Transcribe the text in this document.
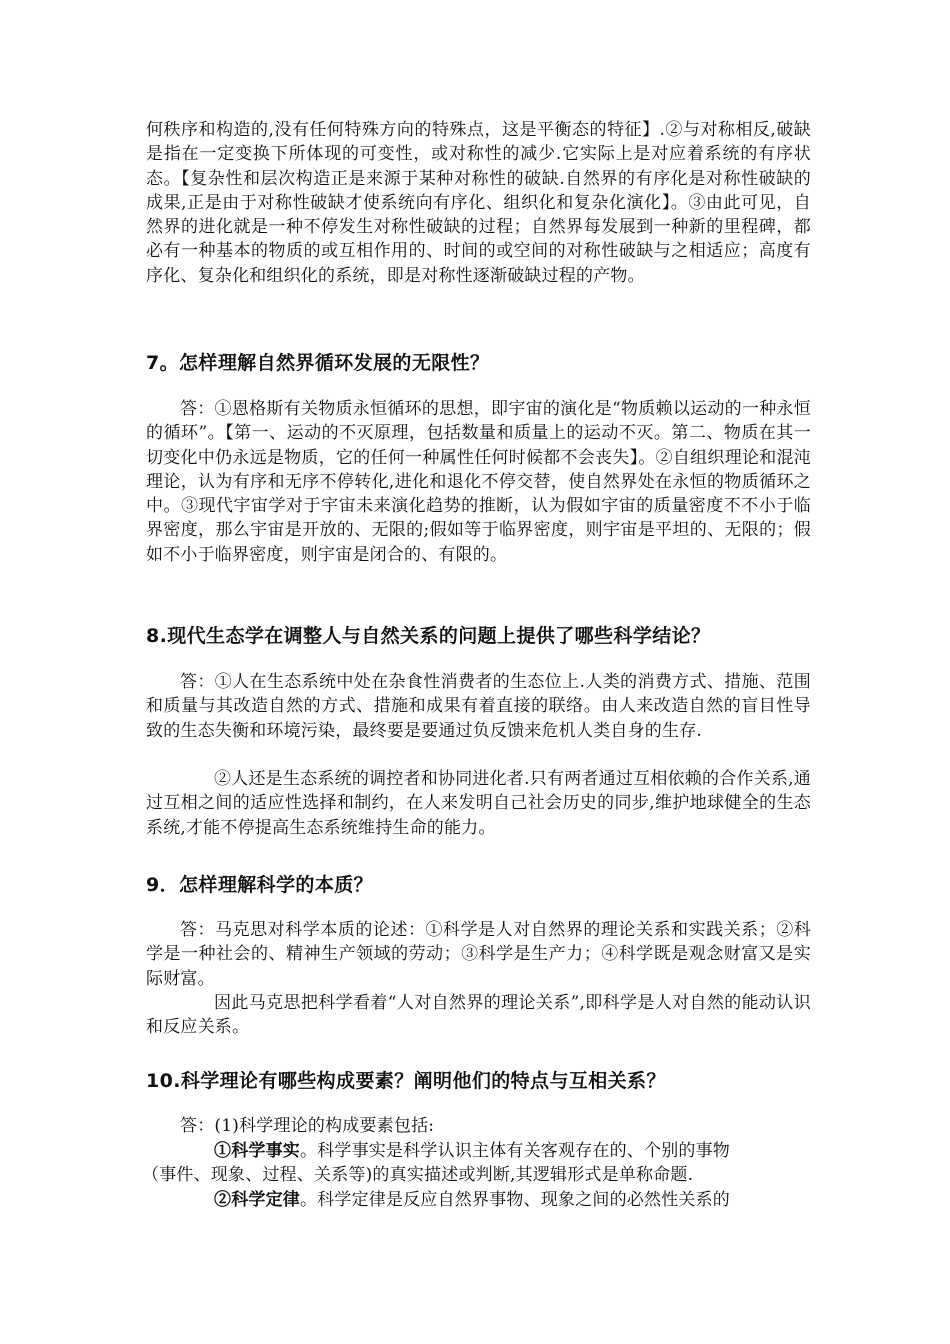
何秩序和构造的,没有任何特殊方向的特殊点，这是平衡态的特征】.②与对称相反,破缺是指在一定变换下所体现的可变性，或对称性的减少.它实际上是对应着系统的有序状态。【复杂性和层次构造正是来源于某种对称性的破缺.自然界的有序化是对称性破缺的成果,正是由于对称性破缺才使系统向有序化、组织化和复杂化演化】。③由此可见，自然界的进化就是一种不停发生对称性破缺的过程；自然界每发展到一种新的里程碑，都必有一种基本的物质的或互相作用的、时间的或空间的对称性破缺与之相适应；高度有序化、复杂化和组织化的系统，即是对称性逐渐破缺过程的产物。

7。怎样理解自然界循环发展的无限性？

答：①恩格斯有关物质永恒循环的思想，即宇宙的演化是“物质赖以运动的一种永恒的循环”。【第一、运动的不灭原理，包括数量和质量上的运动不灭。第二、物质在其一切变化中仍永远是物质，它的任何一种属性任何时候都不会丧失】。②自组织理论和混沌理论，认为有序和无序不停转化,进化和退化不停交替，使自然界处在永恒的物质循环之中。③现代宇宙学对于宇宙未来演化趋势的推断，认为假如宇宙的质量密度不不小于临界密度，那么宇宙是开放的、无限的;假如等于临界密度，则宇宙是平坦的、无限的；假如不小于临界密度，则宇宙是闭合的、有限的。

8.现代生态学在调整人与自然关系的问题上提供了哪些科学结论？

答：①人在生态系统中处在杂食性消费者的生态位上.人类的消费方式、措施、范围和质量与其改造自然的方式、措施和成果有着直接的联络。由人来改造自然的盲目性导致的生态失衡和环境污染，最终要是要通过负反馈来危机人类自身的生存.

②人还是生态系统的调控者和协同进化者.只有两者通过互相依赖的合作关系,通过互相之间的适应性选择和制约，在人来发明自己社会历史的同步,维护地球健全的生态系统,才能不停提高生态系统维持生命的能力。

9．怎样理解科学的本质？

答：马克思对科学本质的论述：①科学是人对自然界的理论关系和实践关系；②科学是一种社会的、精神生产领域的劳动；③科学是生产力；④科学既是观念财富又是实际财富。

因此马克思把科学看着“人对自然界的理论关系”,即科学是人对自然的能动认识和反应关系。

10.科学理论有哪些构成要素？阐明他们的特点与互相关系？

答：(1)科学理论的构成要素包括:

①科学事实。科学事实是科学认识主体有关客观存在的、个别的事物

（事件、现象、过程、关系等)的真实描述或判断,其逻辑形式是单称命题.

②科学定律。科学定律是反应自然界事物、现象之间的必然性关系的
